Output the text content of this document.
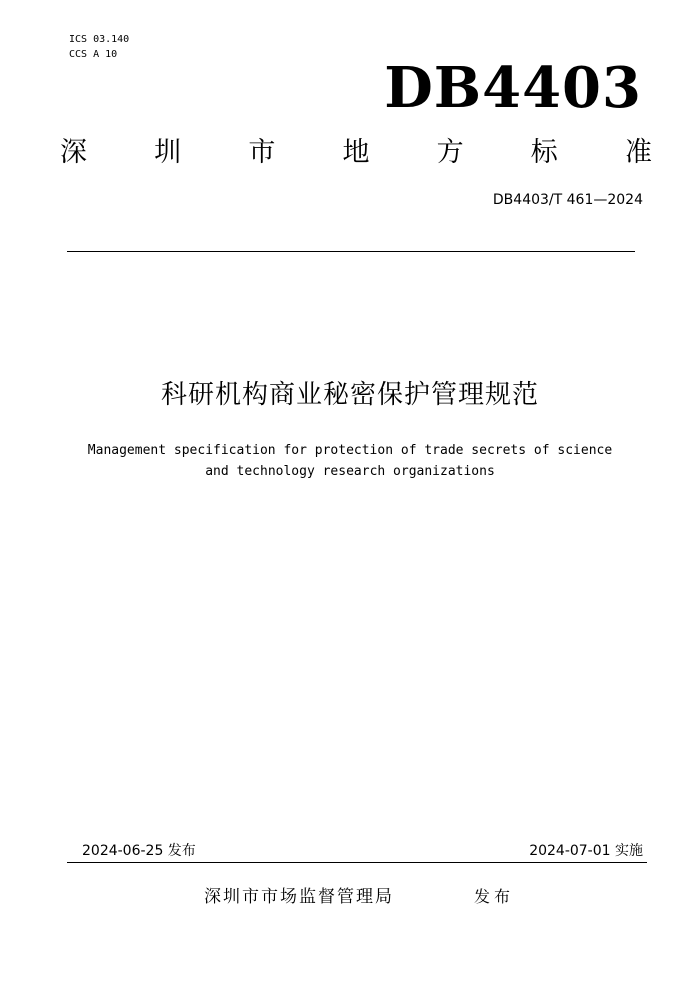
ICS 03.140
CCS A 10
DB4403
深 圳 市 地 方 标 准
DB4403/T 461—2024
科研机构商业秘密保护管理规范
Management specification for protection of trade secrets of science
and technology research organizations
2024-06-25 发布	2024-07-01 实施
深圳市市场监督管理局	发布
